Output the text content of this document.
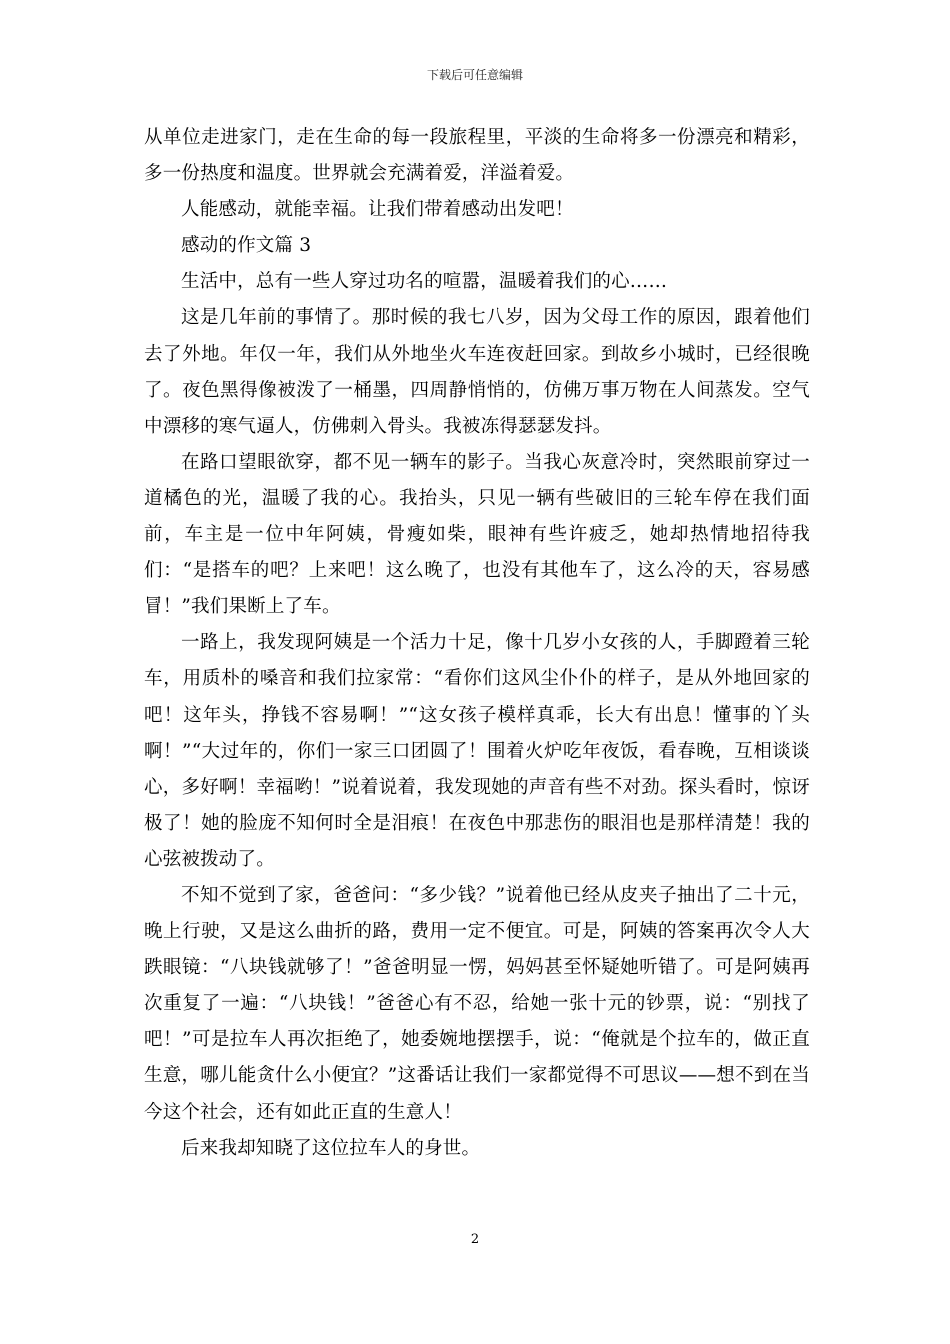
下载后可任意编辑

从单位走进家门，走在生命的每一段旅程里，平淡的生命将多一份漂亮和精彩，多一份热度和温度。世界就会充满着爱，洋溢着爱。

人能感动，就能幸福。让我们带着感动出发吧！

感动的作文篇 3

生活中，总有一些人穿过功名的喧嚣，温暖着我们的心……

这是几年前的事情了。那时候的我七八岁，因为父母工作的原因，跟着他们去了外地。年仅一年，我们从外地坐火车连夜赶回家。到故乡小城时，已经很晚了。夜色黑得像被泼了一桶墨，四周静悄悄的，仿佛万事万物在人间蒸发。空气中漂移的寒气逼人，仿佛刺入骨头。我被冻得瑟瑟发抖。

在路口望眼欲穿，都不见一辆车的影子。当我心灰意冷时，突然眼前穿过一道橘色的光，温暖了我的心。我抬头，只见一辆有些破旧的三轮车停在我们面前，车主是一位中年阿姨，骨瘦如柴，眼神有些许疲乏，她却热情地招待我们：“是搭车的吧？上来吧！这么晚了，也没有其他车了，这么冷的天，容易感冒！”我们果断上了车。

一路上，我发现阿姨是一个活力十足，像十几岁小女孩的人，手脚蹬着三轮车，用质朴的嗓音和我们拉家常：“看你们这风尘仆仆的样子，是从外地回家的吧！这年头，挣钱不容易啊！”“这女孩子模样真乖，长大有出息！懂事的丫头啊！”“大过年的，你们一家三口团圆了！围着火炉吃年夜饭，看春晚，互相谈谈心，多好啊！幸福哟！”说着说着，我发现她的声音有些不对劲。探头看时，惊讶极了！她的脸庞不知何时全是泪痕！在夜色中那悲伤的眼泪也是那样清楚！我的心弦被拨动了。

不知不觉到了家，爸爸问：“多少钱？”说着他已经从皮夹子抽出了二十元，晚上行驶，又是这么曲折的路，费用一定不便宜。可是，阿姨的答案再次令人大跌眼镜：“八块钱就够了！”爸爸明显一愣，妈妈甚至怀疑她听错了。可是阿姨再次重复了一遍：“八块钱！”爸爸心有不忍，给她一张十元的钞票，说：“别找了吧！”可是拉车人再次拒绝了，她委婉地摆摆手，说：“俺就是个拉车的，做正直生意，哪儿能贪什么小便宜？”这番话让我们一家都觉得不可思议——想不到在当今这个社会，还有如此正直的生意人！

后来我却知晓了这位拉车人的身世。

2
